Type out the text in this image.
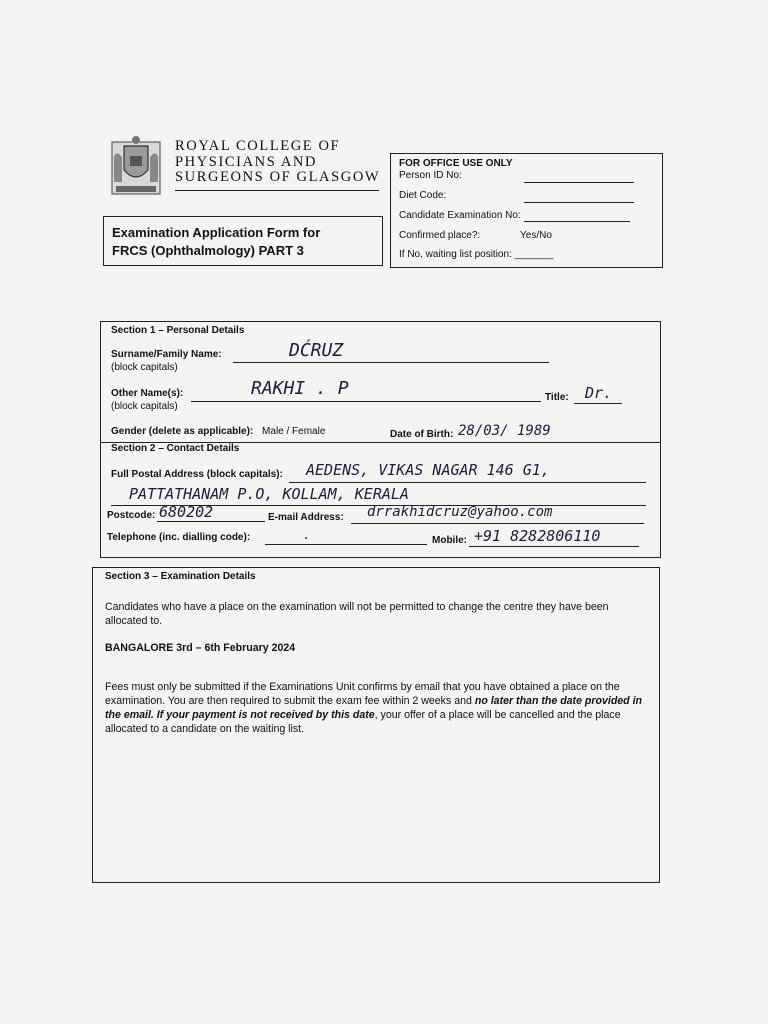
ROYAL COLLEGE OF
PHYSICIANS AND
SURGEONS OF GLASGOW
Examination Application Form for
FRCS (Ophthalmology) PART 3
FOR OFFICE USE ONLY
Person ID No:
Diet Code:
Candidate Examination No:
Confirmed place?:	Yes/No
If No, waiting list position: _______
Section 1 – Personal Details
Surname/Family Name:
(block capitals)
DĆRUZ
Other Name(s):
(block capitals)
RAKHI . P	Title: Dr.
Gender (delete as applicable): Male / Female	Date of Birth: 28/03/ 1989
Section 2 – Contact Details
Full Postal Address (block capitals): AEDENS, VIKAS NAGAR 146 G1,
PATTATHANAM P.O, KOLLAM, KERALA
Postcode: 680202	E-mail Address: drrakhidcruz@yahoo.com
Telephone (inc. dialling code):	.	Mobile: +91 8282806110
Section 3 – Examination Details
Candidates who have a place on the examination will not be permitted to change the centre they have been allocated to.
BANGALORE 3rd – 6th February 2024
Fees must only be submitted if the Examinations Unit confirms by email that you have obtained a place on the examination. You are then required to submit the exam fee within 2 weeks and no later than the date provided in the email. If your payment is not received by this date, your offer of a place will be cancelled and the place allocated to a candidate on the waiting list.
